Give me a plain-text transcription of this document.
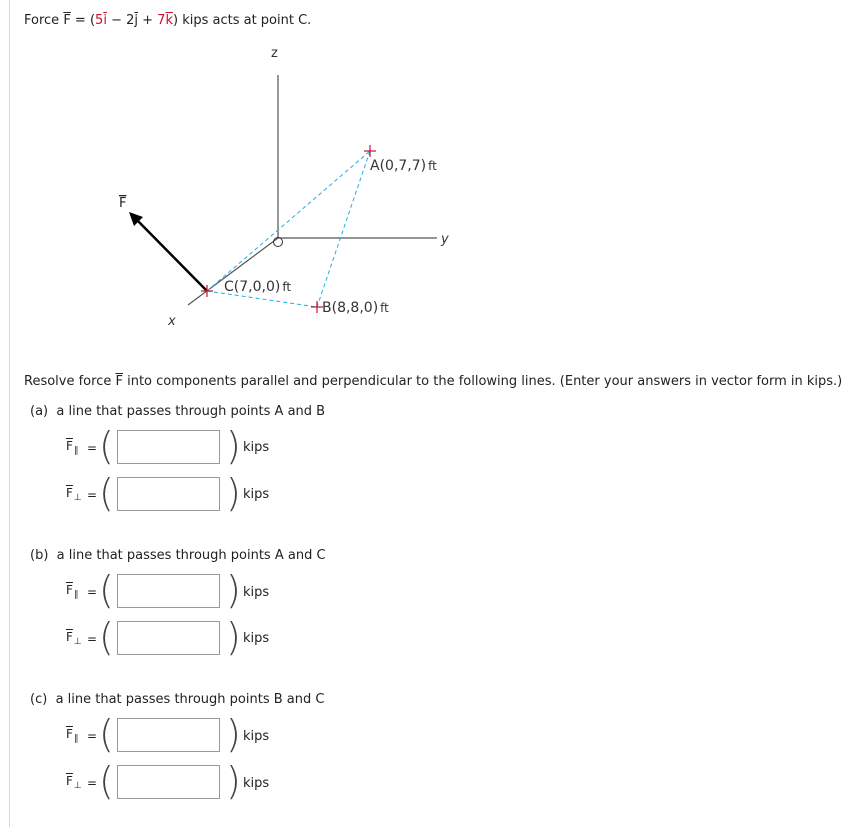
Force $\overline{F} = (5\overline{i} - 2\overline{j} + 7\overline{k})$ kips acts at point C.
z
y
x
F
A(0,7,7) ft
B(8,8,0) ft
C(7,0,0) ft
Resolve force $\overline{F}$ into components parallel and perpendicular to the following lines. (Enter your answers in vector form in kips.)
(a) a line that passes through points A and B
$\overline{F}_\parallel$ = (	) kips
$\overline{F}_\perp$ = (	) kips
(b) a line that passes through points A and C
$\overline{F}_\parallel$ = (	) kips
$\overline{F}_\perp$ = (	) kips
(c) a line that passes through points B and C
$\overline{F}_\parallel$ = (	) kips
$\overline{F}_\perp$ = (	) kips
